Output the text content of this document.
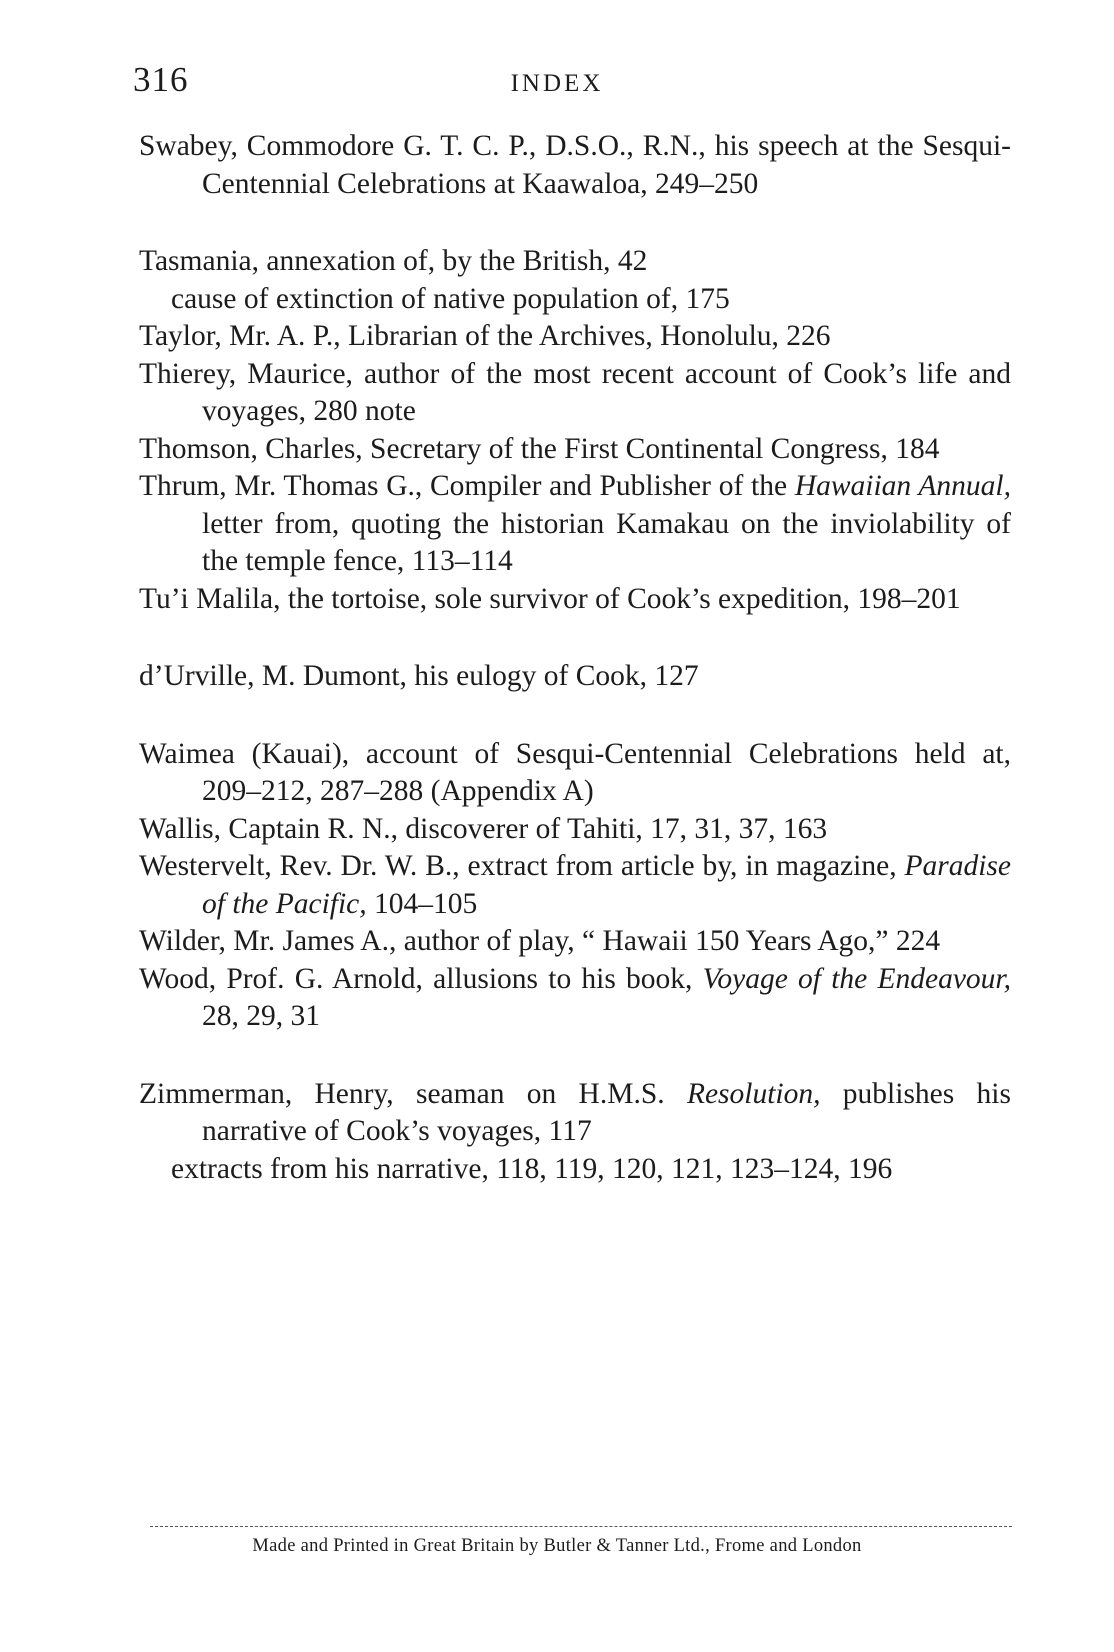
316	INDEX

Swabey, Commodore G. T. C. P., D.S.O., R.N., his speech at the Sesqui-Centennial Celebrations at Kaawaloa, 249–250

Tasmania, annexation of, by the British, 42

cause of extinction of native population of, 175

Taylor, Mr. A. P., Librarian of the Archives, Honolulu, 226

Thierey, Maurice, author of the most recent account of Cook’s life and voyages, 280 note

Thomson, Charles, Secretary of the First Continental Congress, 184

Thrum, Mr. Thomas G., Compiler and Publisher of the Hawaiian Annual, letter from, quoting the historian Kamakau on the inviolability of the temple fence, 113–114

Tu’i Malila, the tortoise, sole survivor of Cook’s expedition, 198–201

d’Urville, M. Dumont, his eulogy of Cook, 127

Waimea (Kauai), account of Sesqui-Centennial Celebrations held at, 209–212, 287–288 (Appendix A)

Wallis, Captain R. N., discoverer of Tahiti, 17, 31, 37, 163

Westervelt, Rev. Dr. W. B., extract from article by, in magazine, Paradise of the Pacific, 104–105

Wilder, Mr. James A., author of play, “ Hawaii 150 Years Ago,” 224

Wood, Prof. G. Arnold, allusions to his book, Voyage of the Endeavour, 28, 29, 31

Zimmerman, Henry, seaman on H.M.S. Resolution, publishes his narrative of Cook’s voyages, 117

extracts from his narrative, 118, 119, 120, 121, 123–124, 196

Made and Printed in Great Britain by Butler & Tanner Ltd., Frome and London
